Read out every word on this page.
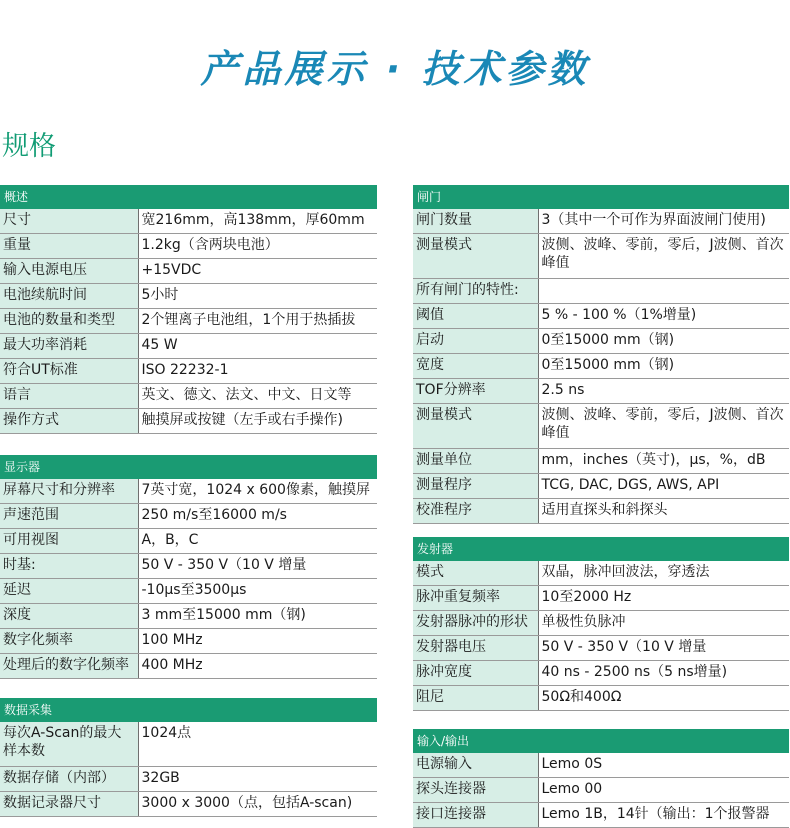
产品展示 · 技术参数
规格
概述	
尺寸	宽216mm，高138mm，厚60mm
重量	1.2kg（含两块电池）
输入电源电压	+15VDC
电池续航时间	5小时
电池的数量和类型	2个锂离子电池组，1个用于热插拔
最大功率消耗	45 W
符合UT标准	ISO 22232-1
语言	英文、德文、法文、中文、日文等
操作方式	触摸屏或按键（左手或右手操作)
显示器	
屏幕尺寸和分辨率	7英寸宽，1024 x 600像素，触摸屏
声速范围	250 m/s至16000 m/s
可用视图	A，B，C
时基:	50 V - 350 V（10 V 增量
延迟	-10µs至3500µs
深度	3 mm至15000 mm（钢)
数字化频率	100 MHz
处理后的数字化频率	400 MHz
数据采集	
每次A-Scan的最大样本数	1024点
数据存储（内部）	32GB
数据记录器尺寸	3000 x 3000（点，包括A-scan)
闸门	
闸门数量	3（其中一个可作为界面波闸门使用)
测量模式	波侧、波峰、零前，零后，J波侧、首次峰值
所有闸门的特性:	
阈值	5 % - 100 %（1%增量)
启动	0至15000 mm（钢)
宽度	0至15000 mm（钢)
TOF分辨率	2.5 ns
测量模式	波侧、波峰、零前，零后，J波侧、首次峰值
测量单位	mm，inches（英寸)，µs，%，dB
测量程序	TCG, DAC, DGS, AWS, API
校准程序	适用直探头和斜探头
发射器	
模式	双晶，脉冲回波法，穿透法
脉冲重复频率	10至2000 Hz
发射器脉冲的形状	单极性负脉冲
发射器电压	50 V - 350 V（10 V 增量
脉冲宽度	40 ns - 2500 ns（5 ns增量)
阻尼	50Ω和400Ω
输入/输出	
电源输入	Lemo 0S
探头连接器	Lemo 00
接口连接器	Lemo 1B，14针（输出：1个报警器
